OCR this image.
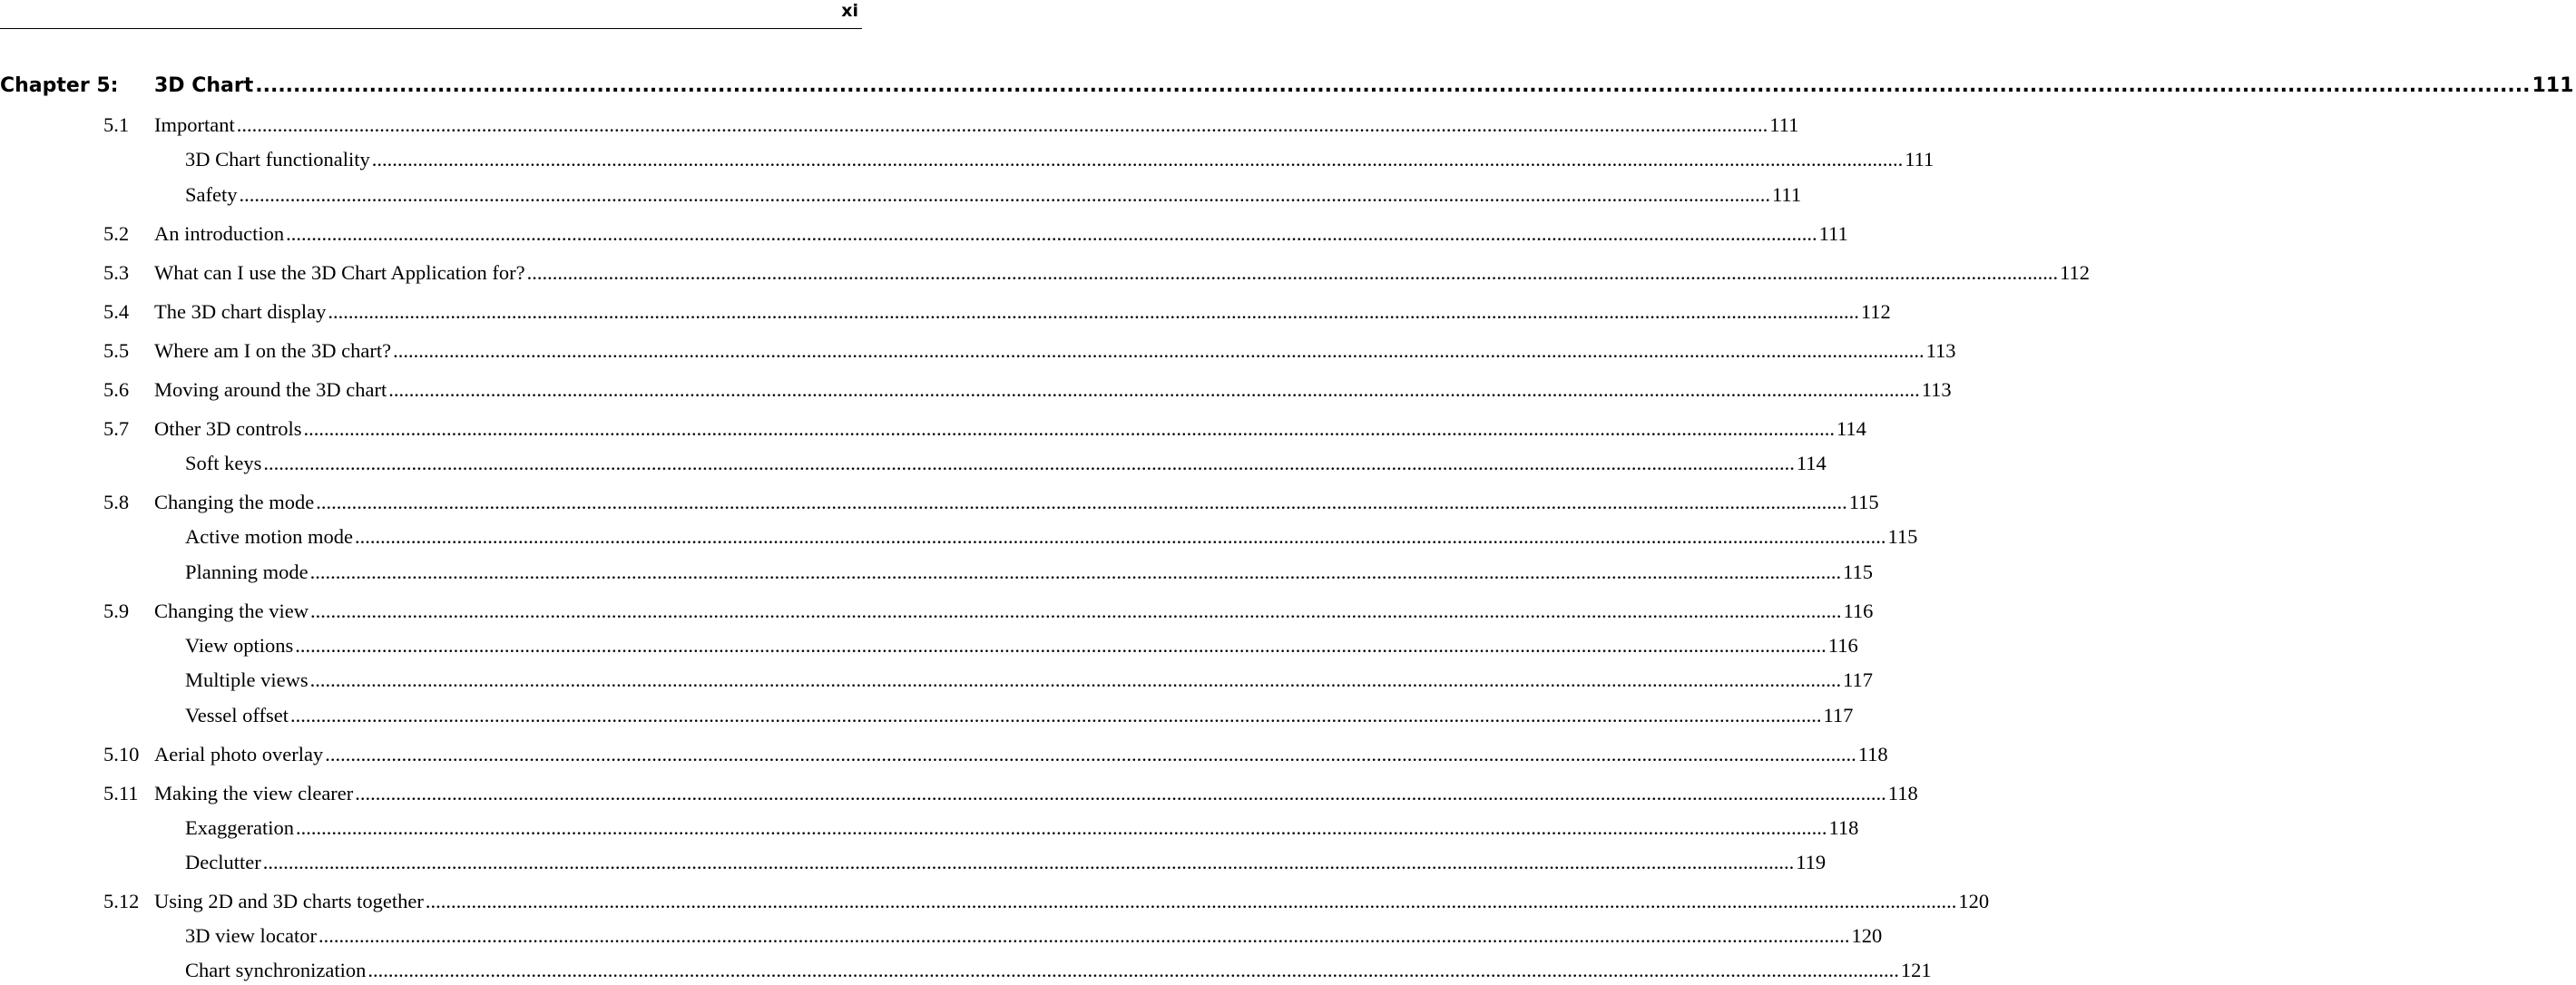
xi
Chapter 5:	3D Chart ............................................................................................................................................................................................................................................................................................................ 111
5.1	Important ............................................................................................................................................................................................................................................................................................................ 111
3D Chart functionality ............................................................................................................................................................................................................................................................................................................ 111
Safety ............................................................................................................................................................................................................................................................................................................ 111
5.2	An introduction ............................................................................................................................................................................................................................................................................................................ 111
5.3	What can I use the 3D Chart Application for? ............................................................................................................................................................................................................................................................................................................ 112
5.4	The 3D chart display ............................................................................................................................................................................................................................................................................................................ 112
5.5	Where am I on the 3D chart? ............................................................................................................................................................................................................................................................................................................ 113
5.6	Moving around the 3D chart ............................................................................................................................................................................................................................................................................................................ 113
5.7	Other 3D controls ............................................................................................................................................................................................................................................................................................................ 114
Soft keys ............................................................................................................................................................................................................................................................................................................ 114
5.8	Changing the mode ............................................................................................................................................................................................................................................................................................................ 115
Active motion mode ............................................................................................................................................................................................................................................................................................................ 115
Planning mode ............................................................................................................................................................................................................................................................................................................ 115
5.9	Changing the view ............................................................................................................................................................................................................................................................................................................ 116
View options ............................................................................................................................................................................................................................................................................................................ 116
Multiple views ............................................................................................................................................................................................................................................................................................................ 117
Vessel offset ............................................................................................................................................................................................................................................................................................................ 117
5.10 Aerial photo overlay ............................................................................................................................................................................................................................................................................................................ 118
5.11 Making the view clearer ............................................................................................................................................................................................................................................................................................................ 118
Exaggeration ............................................................................................................................................................................................................................................................................................................ 118
Declutter ............................................................................................................................................................................................................................................................................................................ 119
5.12 Using 2D and 3D charts together ............................................................................................................................................................................................................................................................................................................ 120
3D view locator ............................................................................................................................................................................................................................................................................................................ 120
Chart synchronization ............................................................................................................................................................................................................................................................................................................ 121
